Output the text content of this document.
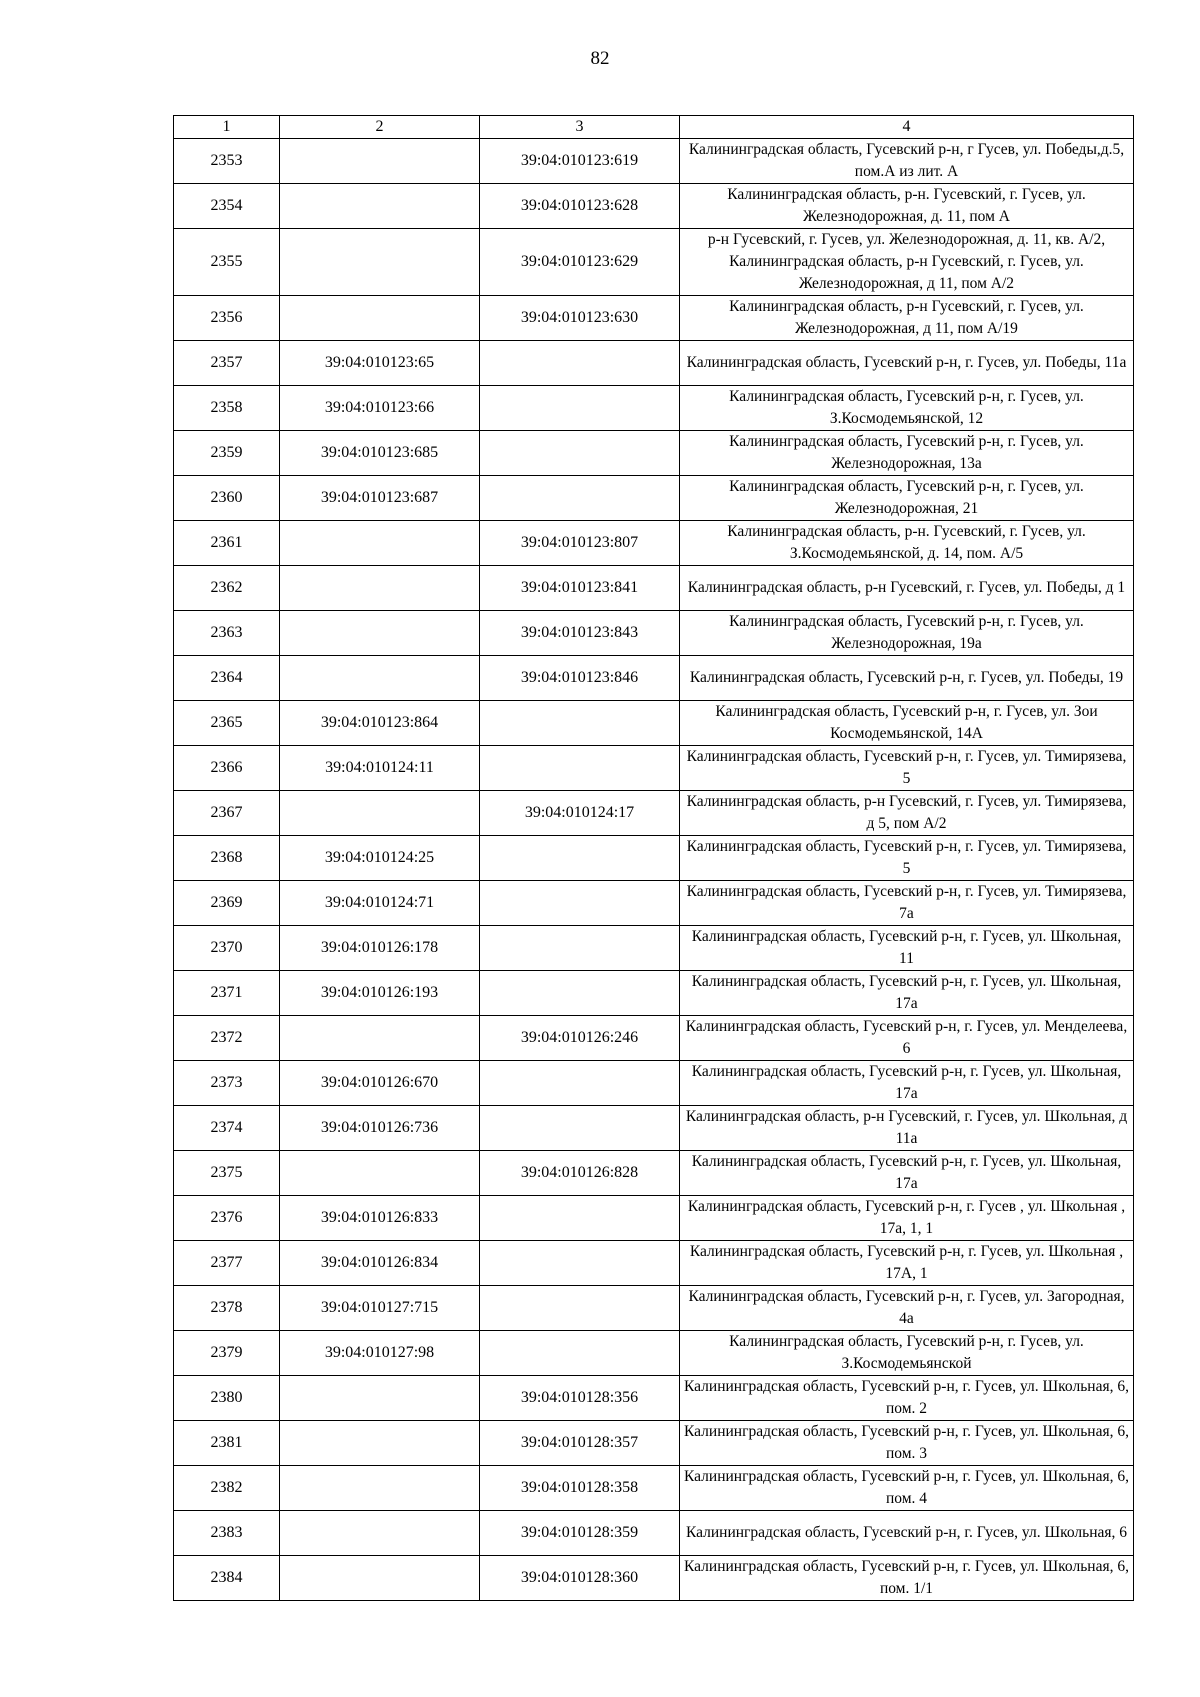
82
1	2	3	4
2353		39:04:010123:619	Калининградская область, Гусевский р-н, г Гусев, ул. Победы,д.5, пом.А из лит. А
2354		39:04:010123:628	Калининградская область, р-н. Гусевский, г. Гусев, ул. Железнодорожная, д. 11, пом А
2355		39:04:010123:629	р-н Гусевский, г. Гусев, ул. Железнодорожная, д. 11, кв. А/2, Калининградская область, р-н Гусевский, г. Гусев, ул. Железнодорожная, д 11, пом А/2
2356		39:04:010123:630	Калининградская область, р-н Гусевский, г. Гусев, ул. Железнодорожная, д 11, пом А/19
2357	39:04:010123:65		Калининградская область, Гусевский р-н, г. Гусев, ул. Победы, 11а
2358	39:04:010123:66		Калининградская область, Гусевский р-н, г. Гусев, ул. З.Космодемьянской, 12
2359	39:04:010123:685		Калининградская область, Гусевский р-н, г. Гусев, ул. Железнодорожная, 13а
2360	39:04:010123:687		Калининградская область, Гусевский р-н, г. Гусев, ул. Железнодорожная, 21
2361		39:04:010123:807	Калининградская область, р-н. Гусевский, г. Гусев, ул. З.Космодемьянской, д. 14, пом. А/5
2362		39:04:010123:841	Калининградская область, р-н Гусевский, г. Гусев, ул. Победы, д 1
2363		39:04:010123:843	Калининградская область, Гусевский р-н, г. Гусев, ул. Железнодорожная, 19а
2364		39:04:010123:846	Калининградская область, Гусевский р-н, г. Гусев, ул. Победы, 19
2365	39:04:010123:864		Калининградская область, Гусевский р-н, г. Гусев, ул. Зои Космодемьянской, 14А
2366	39:04:010124:11		Калининградская область, Гусевский р-н, г. Гусев, ул. Тимирязева, 5
2367		39:04:010124:17	Калининградская область, р-н Гусевский, г. Гусев, ул. Тимирязева, д 5, пом А/2
2368	39:04:010124:25		Калининградская область, Гусевский р-н, г. Гусев, ул. Тимирязева, 5
2369	39:04:010124:71		Калининградская область, Гусевский р-н, г. Гусев, ул. Тимирязева, 7а
2370	39:04:010126:178		Калининградская область, Гусевский р-н, г. Гусев, ул. Школьная, 11
2371	39:04:010126:193		Калининградская область, Гусевский р-н, г. Гусев, ул. Школьная, 17а
2372		39:04:010126:246	Калининградская область, Гусевский р-н, г. Гусев, ул. Менделеева, 6
2373	39:04:010126:670		Калининградская область, Гусевский р-н, г. Гусев, ул. Школьная, 17а
2374	39:04:010126:736		Калининградская область, р-н Гусевский, г. Гусев, ул. Школьная, д 11а
2375		39:04:010126:828	Калининградская область, Гусевский р-н, г. Гусев, ул. Школьная, 17а
2376	39:04:010126:833		Калининградская область, Гусевский р-н, г. Гусев , ул. Школьная , 17а, 1, 1
2377	39:04:010126:834		Калининградская область, Гусевский р-н, г. Гусев, ул. Школьная , 17А, 1
2378	39:04:010127:715		Калининградская область, Гусевский р-н, г. Гусев, ул. Загородная, 4а
2379	39:04:010127:98		Калининградская область, Гусевский р-н, г. Гусев, ул. З.Космодемьянской
2380		39:04:010128:356	Калининградская область, Гусевский р-н, г. Гусев, ул. Школьная, 6, пом. 2
2381		39:04:010128:357	Калининградская область, Гусевский р-н, г. Гусев, ул. Школьная, 6, пом. 3
2382		39:04:010128:358	Калининградская область, Гусевский р-н, г. Гусев, ул. Школьная, 6, пом. 4
2383		39:04:010128:359	Калининградская область, Гусевский р-н, г. Гусев, ул. Школьная, 6
2384		39:04:010128:360	Калининградская область, Гусевский р-н, г. Гусев, ул. Школьная, 6, пом. 1/1
